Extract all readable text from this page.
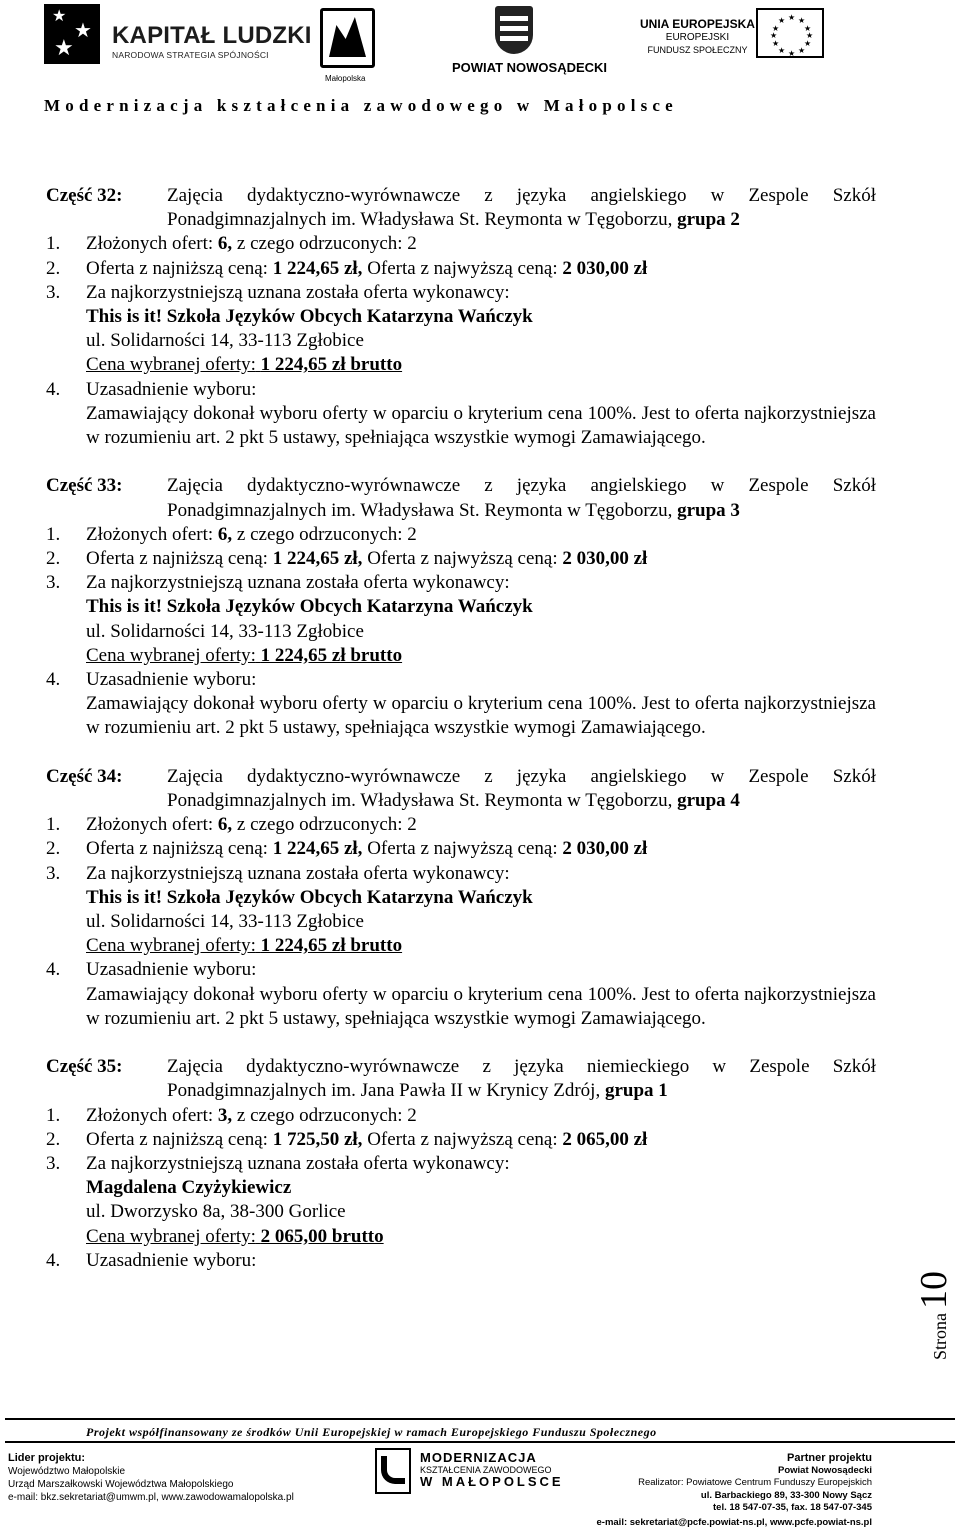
★
★
★ KAPITAŁ LUDZKI
NARODOWA STRATEGIA SPÓJNOŚCI
Małopolska
POWIAT NOWOSĄDECKI
UNIA EUROPEJSKA
EUROPEJSKI
FUNDUSZ SPOŁECZNY
★ ★
★
★
★
★
★
★
★
★
★
★
Modernizacja kształcenia zawodowego w Małopolsce
Część 32:	Zajęcia dydaktyczno-wyrównawcze z języka angielskiego w Zespole Szkół Ponadgimnazjalnych im. Władysława St. Reymonta w Tęgoborzu, grupa 2
1.	Złożonych ofert: 6, z czego odrzuconych: 2
2.	Oferta z najniższą ceną: 1 224,65 zł, Oferta z najwyższą ceną: 2 030,00 zł
3.	Za najkorzystniejszą uznana została oferta wykonawcy:
This is it! Szkoła Języków Obcych Katarzyna Wańczyk
ul. Solidarności 14, 33-113 Zgłobice
Cena wybranej oferty: 1 224,65 zł brutto
4.	Uzasadnienie wyboru:
Zamawiający dokonał wyboru oferty w oparciu o kryterium cena 100%. Jest to oferta najkorzystniejsza w rozumieniu art. 2 pkt 5 ustawy, spełniająca wszystkie wymogi Zamawiającego.
Część 33:	Zajęcia dydaktyczno-wyrównawcze z języka angielskiego w Zespole Szkół Ponadgimnazjalnych im. Władysława St. Reymonta w Tęgoborzu, grupa 3
1.	Złożonych ofert: 6, z czego odrzuconych: 2
2.	Oferta z najniższą ceną: 1 224,65 zł, Oferta z najwyższą ceną: 2 030,00 zł
3.	Za najkorzystniejszą uznana została oferta wykonawcy:
This is it! Szkoła Języków Obcych Katarzyna Wańczyk
ul. Solidarności 14, 33-113 Zgłobice
Cena wybranej oferty: 1 224,65 zł brutto
4.	Uzasadnienie wyboru:
Zamawiający dokonał wyboru oferty w oparciu o kryterium cena 100%. Jest to oferta najkorzystniejsza w rozumieniu art. 2 pkt 5 ustawy, spełniająca wszystkie wymogi Zamawiającego.
Część 34:	Zajęcia dydaktyczno-wyrównawcze z języka angielskiego w Zespole Szkół Ponadgimnazjalnych im. Władysława St. Reymonta w Tęgoborzu, grupa 4
1.	Złożonych ofert: 6, z czego odrzuconych: 2
2.	Oferta z najniższą ceną: 1 224,65 zł, Oferta z najwyższą ceną: 2 030,00 zł
3.	Za najkorzystniejszą uznana została oferta wykonawcy:
This is it! Szkoła Języków Obcych Katarzyna Wańczyk
ul. Solidarności 14, 33-113 Zgłobice
Cena wybranej oferty: 1 224,65 zł brutto
4.	Uzasadnienie wyboru:
Zamawiający dokonał wyboru oferty w oparciu o kryterium cena 100%. Jest to oferta najkorzystniejsza w rozumieniu art. 2 pkt 5 ustawy, spełniająca wszystkie wymogi Zamawiającego.
Część 35:	Zajęcia dydaktyczno-wyrównawcze z języka niemieckiego w Zespole Szkół Ponadgimnazjalnych im. Jana Pawła II w Krynicy Zdrój, grupa 1
1.	Złożonych ofert: 3, z czego odrzuconych: 2
2.	Oferta z najniższą ceną: 1 725,50 zł, Oferta z najwyższą ceną: 2 065,00 zł
3.	Za najkorzystniejszą uznana została oferta wykonawcy:
Magdalena Czyżykiewicz
ul. Dworzysko 8a, 38-300 Gorlice
Cena wybranej oferty: 2 065,00 brutto
4.	Uzasadnienie wyboru:
Strona 10
Projekt współfinansowany ze środków Unii Europejskiej w ramach Europejskiego Funduszu Społecznego
Lider projektu:
Województwo Małopolskie
Urząd Marszałkowski Województwa Małopolskiego
e-mail: bkz.sekretariat@umwm.pl, www.zawodowamalopolska.pl
MODERNIZACJA
KSZTAŁCENIA ZAWODOWEGO
W MAŁOPOLSCE
Partner projektu
Powiat Nowosądecki
Realizator: Powiatowe Centrum Funduszy Europejskich
ul. Barbackiego 89, 33-300 Nowy Sącz
tel. 18 547-07-35, fax. 18 547-07-345
e-mail: sekretariat@pcfe.powiat-ns.pl, www.pcfe.powiat-ns.pl
